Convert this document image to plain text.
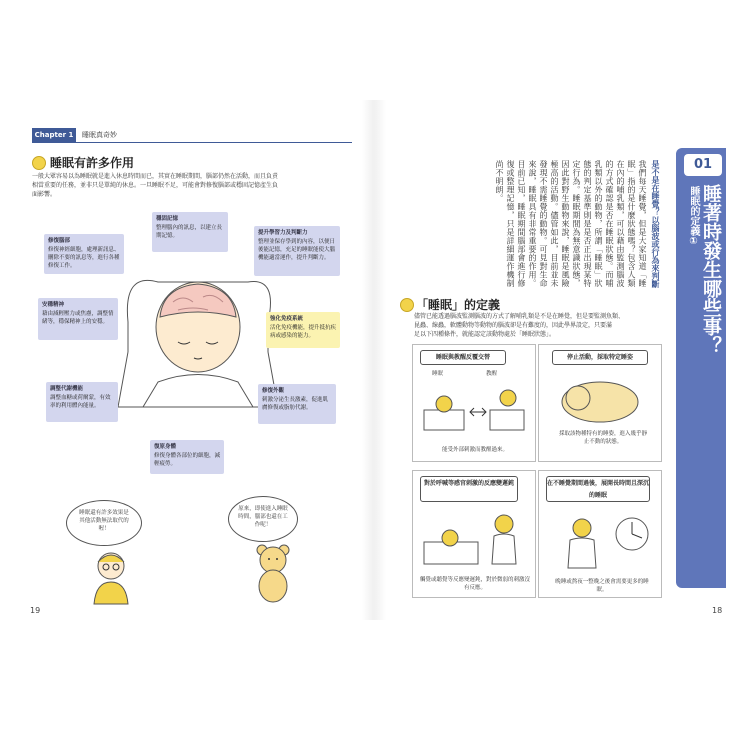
Chapter 1	睡眠真奇妙
睡眠有許多作用
一般大眾容易以為睡眠就是進入休息時間而已，其實在睡眠期間，腦部仍然在活動，而且負責
相當重要的任務，並非只是單純的休息。一旦睡眠不足，可能會對修復腦部或穩固記憶產生負
面影響。
穩固記憶
整理腦內的訊息，以建立長期記憶。
修復腦部
修復神經細胞，處理新訊息、刪除不要的訊息等，進行各種修復工作。
提升學習力及判斷力
整理並保存學到的內容，以便日後能記憶，充足的睡眠能使大腦機能適當運作，提升判斷力。
安穩精神
藉由減輕壓力或焦慮，調整情緒等，穩保精神上的安穩。	強化免疫系統
活化免疫機能，提升抵抗疾病或感染的能力。
調整代謝機能
調整血糖或荷爾蒙，有效率的利用體內能量。
修復外觀
刺激分泌生長激素，促進肌膚修復或脂肪代謝。
復原身體
修復身體各部位的細胞，減輕疲勞。
睡眠還有許多效果是其他活動無法取代的喔！
原來，即使進入睡眠時間，腦部也還在工作呢！
19
01
睡眠的定義① 睡著時發生哪些事？
是不是在睡覺？以腦波或行為來判斷
我們每天睡覺，但是大家知道「睡眠」指的是什麼狀態嗎？包含人類在內的哺乳類，可以藉由監測腦波的方式確認是否在睡眠狀態。而哺乳類以外的動物，所謂「睡眠」狀態的判定基準則是是否正出現某特定行為。睡眠期間為無意識狀態，因此對野生動物來說，睡眠是風險極高的活動。儘管如此，目前並未發現不需睡覺的動物。可見對生命來說，睡眠具有非常重要的作用。目前已知，睡眠期間腦部會進行修復或整理記憶，只是詳細運作機制尚不明朗。
「睡眠」的定義
儘管已能透過腦波監測腦波的方式了解哺乳類是不是在睡覺，但是要監測魚類、
昆蟲、線蟲，軟體動物等動物的腦波卻是有難度的，因此學界設定，只要滿
足以下四種條件，就能認定該動物處於「睡眠狀態」。
睡眠與教醒反覆交替
睡眠	教醒
能受外部刺激而教醒過來。
停止活動，採取特定睡姿
採取該物種特有的睡姿，進入幾乎靜止不動的狀態。
對於呼喊等感官刺激的反應變遲鈍
觸覺或聽覺等反應變遲鈍，對於微弱的刺激沒有反應。
在不睡覺期間過後，展開長時間且深沉的睡眠
晚睡或熬夜一整晚之後會需要更多的睡眠。
18
